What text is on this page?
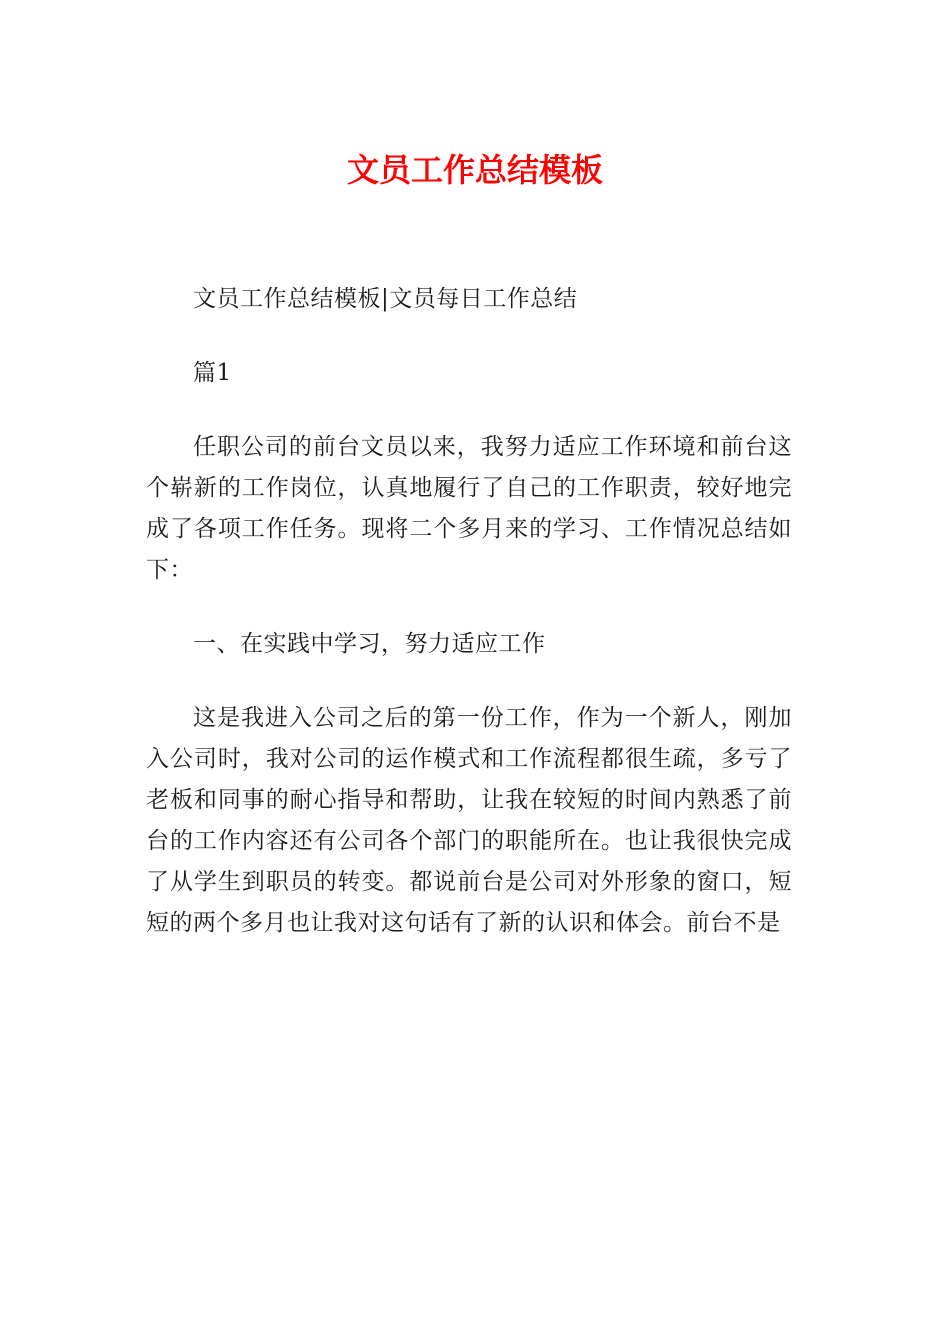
文员工作总结模板

文员工作总结模板|文员每日工作总结

篇1

任职公司的前台文员以来，我努力适应工作环境和前台这个崭新的工作岗位，认真地履行了自己的工作职责，较好地完成了各项工作任务。现将二个多月来的学习、工作情况总结如下：

一、在实践中学习，努力适应工作

这是我进入公司之后的第一份工作，作为一个新人，刚加入公司时，我对公司的运作模式和工作流程都很生疏，多亏了老板和同事的耐心指导和帮助，让我在较短的时间内熟悉了前台的工作内容还有公司各个部门的职能所在。也让我很快完成了从学生到职员的转变。都说前台是公司对外形象的窗口，短短的两个多月也让我对这句话有了新的认识和体会。前台不是
